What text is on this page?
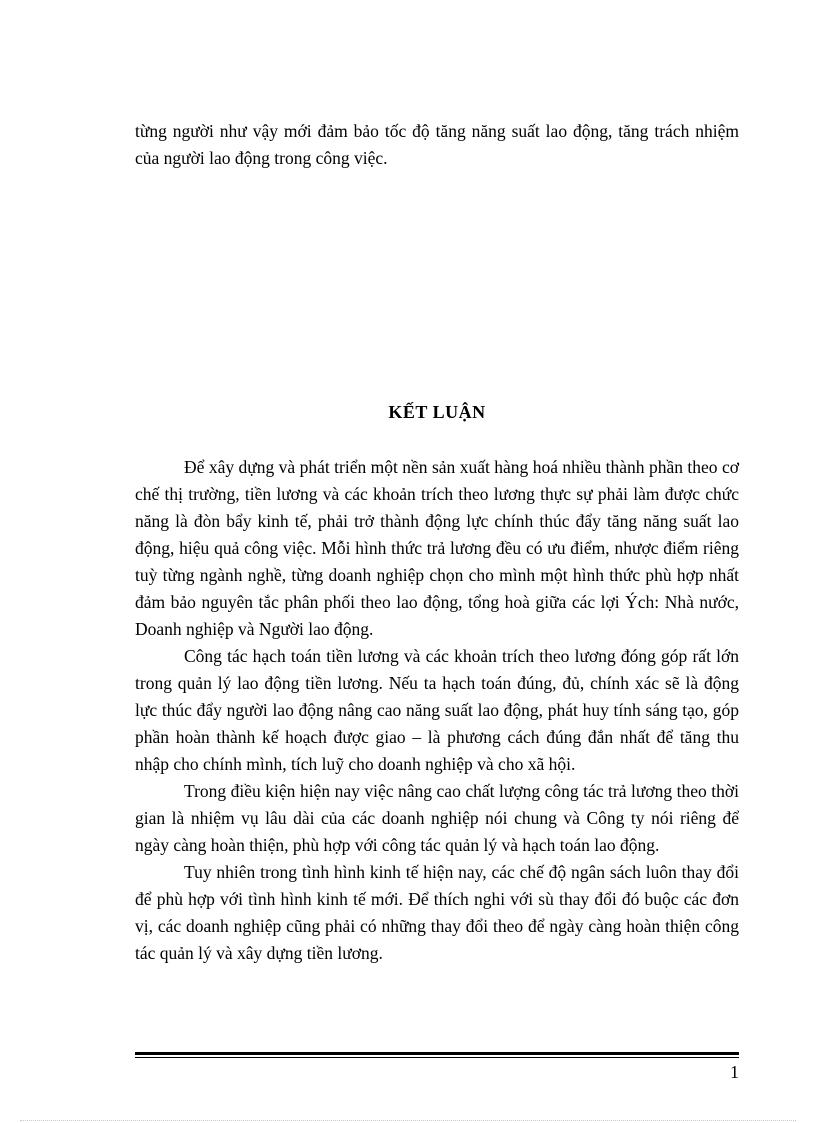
từng người như vậy mới đảm bảo tốc độ tăng năng suất lao động, tăng trách nhiệm của người lao động trong công việc.
KẾT LUẬN

Để xây dựng và phát triển một nền sản xuất hàng hoá nhiều thành phần theo cơ chế thị trường, tiền lương và các khoản trích theo lương thực sự phải làm được chức năng là đòn bẩy kinh tế, phải trở thành động lực chính thúc đẩy tăng năng suất lao động, hiệu quả công việc. Mỗi hình thức trả lương đều có ưu điểm, nhược điểm riêng tuỳ từng ngành nghề, từng doanh nghiệp chọn cho mình một hình thức phù hợp nhất đảm bảo nguyên tắc phân phối theo lao động, tổng hoà giữa các lợi Ých: Nhà nước, Doanh nghiệp và Người lao động.

Công tác hạch toán tiền lương và các khoản trích theo lương đóng góp rất lớn trong quản lý lao động tiền lương. Nếu ta hạch toán đúng, đủ, chính xác sẽ là động lực thúc đẩy người lao động nâng cao năng suất lao động, phát huy tính sáng tạo, góp phần hoàn thành kế hoạch được giao – là phương cách đúng đắn nhất để tăng thu nhập cho chính mình, tích luỹ cho doanh nghiệp và cho xã hội.

Trong điều kiện hiện nay việc nâng cao chất lượng công tác trả lương theo thời gian là nhiệm vụ lâu dài của các doanh nghiệp nói chung và Công ty nói riêng để ngày càng hoàn thiện, phù hợp với công tác quản lý và hạch toán lao động.

Tuy nhiên trong tình hình kinh tế hiện nay, các chế độ ngân sách luôn thay đổi để phù hợp với tình hình kinh tế mới. Để thích nghi với sù thay đổi đó buộc các đơn vị, các doanh nghiệp cũng phải có những thay đổi theo để ngày càng hoàn thiện công tác quản lý và xây dựng tiền lương.

1
